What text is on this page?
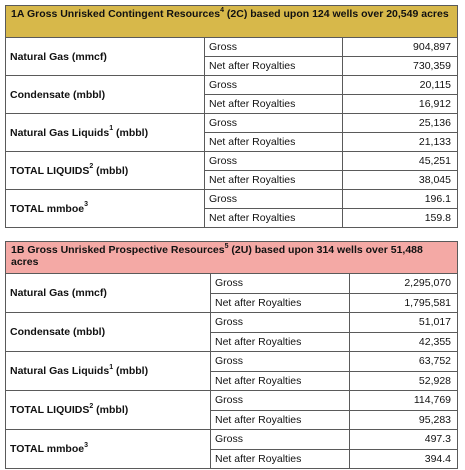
1A Gross Unrisked Contingent Resources$^4$ (2C) based upon 124 wells over 20,549 acres		
Natural Gas (mmcf)	Gross	904,897
	Net after Royalties	730,359
Condensate (mbbl)	Gross	20,115
	Net after Royalties	16,912
Natural Gas Liquids$^1$ (mbbl)	Gross	25,136
	Net after Royalties	21,133
TOTAL LIQUIDS$^2$ (mbbl)	Gross	45,251
	Net after Royalties	38,045
TOTAL mmboe$^3$	Gross	196.1
	Net after Royalties	159.8
1B Gross Unrisked Prospective Resources$^5$ (2U) based upon 314 wells over 51,488 acres		
Natural Gas (mmcf)	Gross	2,295,070
	Net after Royalties	1,795,581
Condensate (mbbl)	Gross	51,017
	Net after Royalties	42,355
Natural Gas Liquids$^1$ (mbbl)	Gross	63,752
	Net after Royalties	52,928
TOTAL LIQUIDS$^2$ (mbbl)	Gross	114,769
	Net after Royalties	95,283
TOTAL mmboe$^3$	Gross	497.3
	Net after Royalties	394.4
